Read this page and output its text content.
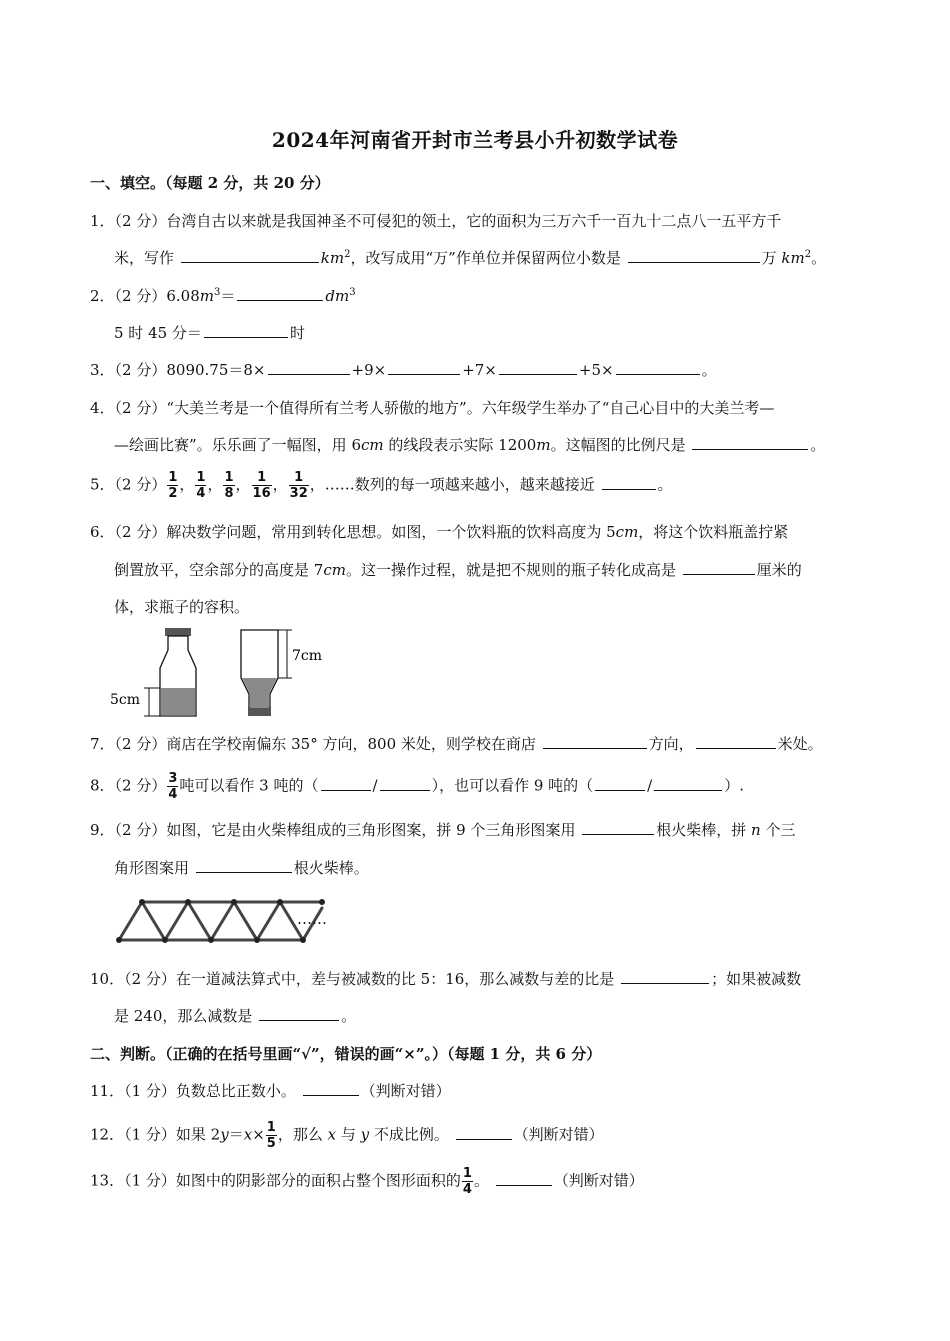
2024年河南省开封市兰考县小升初数学试卷
一、填空。（每题 2 分，共 20 分）
1．（2 分）台湾自古以来就是我国神圣不可侵犯的领土，它的面积为三万六千一百九十二点八一五平方千
米，写作	$km^2$，改写成用“万”作单位并保留两位小数是	万 $km^2$。
2．（2 分）$6.08m^3=$	$dm^3$
5 时 45 分＝	时
3．（2 分）8090.75＝8×	+9×	+7×	+5×	。
4．（2 分）“大美兰考是一个值得所有兰考人骄傲的地方”。六年级学生举办了“自己心目中的大美兰考—
—绘画比赛”。乐乐画了一幅图，用 6cm 的线段表示实际 1200m。这幅图的比例尺是	。
5．（2 分） $\frac{1}{2}$ ， $\frac{1}{4}$ ， $\frac{1}{8}$ ， $\frac{1}{16}$ ， $\frac{1}{32}$ ，……数列的每一项越来越小，越来越接近	。
6．（2 分）解决数学问题，常用到转化思想。如图，一个饮料瓶的饮料高度为 5cm，将这个饮料瓶盖拧紧
倒置放平，空余部分的高度是 7cm。这一操作过程，就是把不规则的瓶子转化成高是	厘米的
体，求瓶子的容积。
5cm
7cm
7．（2 分）商店在学校南偏东 35° 方向，800 米处，则学校在商店	方向，	米处。
8．（2 分） $\frac{3}{4}$ 吨可以看作 3 吨的（	/	），也可以看作 9 吨的（	/	）.
9．（2 分）如图，它是由火柴棒组成的三角形图案，拼 9 个三角形图案用	根火柴棒，拼 n 个三
角形图案用	根火柴棒。
……
10．（2 分）在一道减法算式中，差与被减数的比 5：16，那么减数与差的比是	；如果被减数
是 240，那么减数是	。
二、判断。（正确的在括号里画“√”，错误的画“×”。）（每题 1 分，共 6 分）
11．（1 分）负数总比正数小。	（判断对错）
12．（1 分）如果 $2y=x\times \frac{1}{5}$ ，那么 x 与 y 不成比例。	（判断对错）
13．（1 分）如图中的阴影部分的面积占整个图形面积的 $\frac{1}{4}$ 。	（判断对错）
